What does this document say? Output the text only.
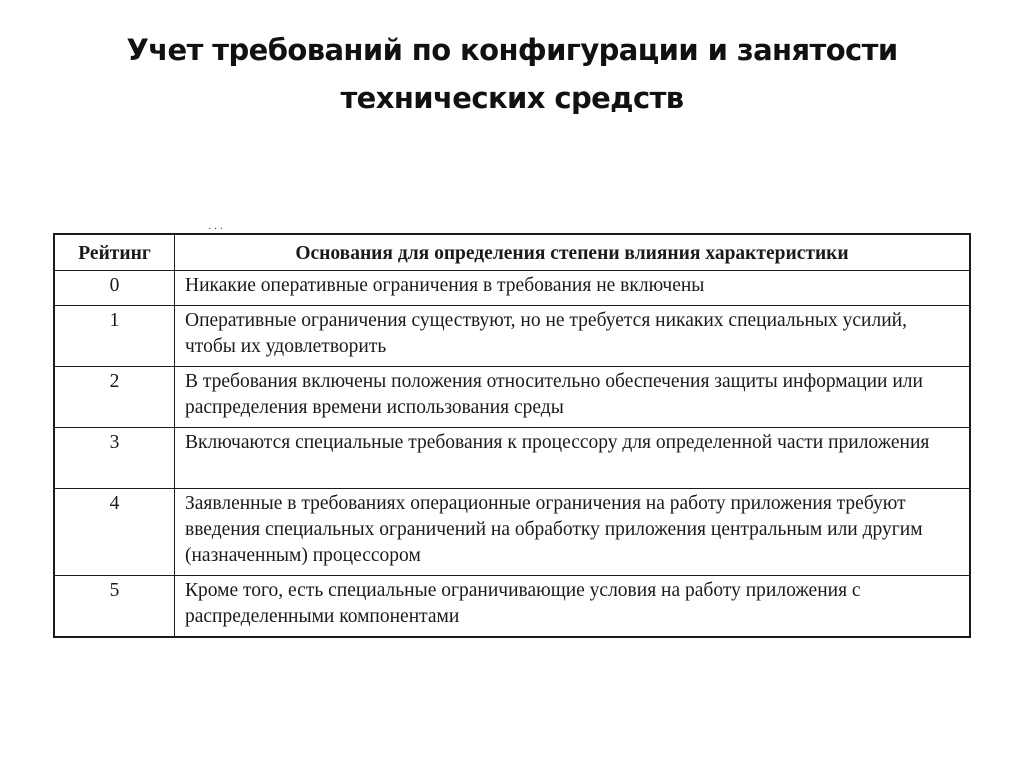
Учет требований по конфигурации и занятости
технических средств
· · ·
Рейтинг	Основания для определения степени влияния характеристики
0	Никакие оперативные ограничения в требования не включены
1	Оперативные ограничения существуют, но не требуется никаких специальных усилий, чтобы их удовлетворить
2	В требования включены положения относительно обеспечения защиты информации или распределения времени использования среды
3	Включаются специальные требования к процессору для определенной части приложения
4	Заявленные в требованиях операционные ограничения на работу приложения требуют введения специальных ограничений на обработку приложения центральным или другим (назначенным) процессором
5	Кроме того, есть специальные ограничивающие условия на работу приложения с распределенными компонентами
